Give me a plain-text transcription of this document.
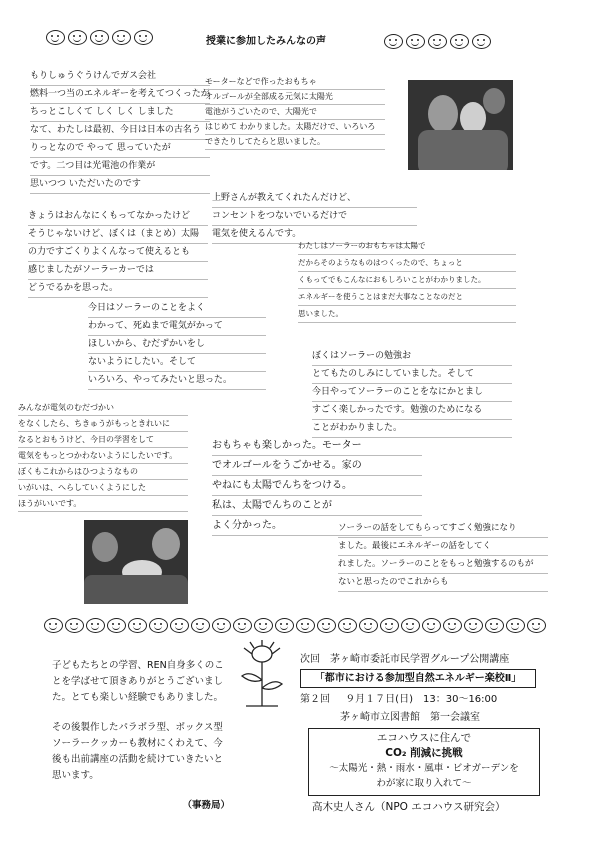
授業に参加したみんなの声
もりしゅうぐうけんでガス会社
燃料一つ当のエネルギーを考えてつくったが
ちっとこしくて しく しく しました
なて、わたしは最初、今日は日本の古名う
りっとなので やって 思っていたが
です。二つ目は光電池の作業が
思いつつ いただいたのです
モーターなどで作ったおもちゃ
オルゴールが全部成る元気に太陽光
電池がうごいたので、大陽光で
はじめて わかりました。太陽だけで、いろいろ
できたりしてたらと思いました。
上野さんが教えてくれたんだけど、
コンセントをつないでいるだけで
電気を使えるんです。
きょうはおんなにくもってなかったけど
そうじゃないけど、ぼくは（まとめ）太陽
の力ですごくりよくんなって使えるとも
感じましたがソーラーカーでは
どうでるかを思った。
わたしはソーラーのおもちゃは太陽で
だからそのようなものはつくったので、ちょっと
くもってでもこんなにおもしろいことがわかりました。
エネルギーを使うことはまだ大事なことなのだと
思いました。
今日はソーラーのことをよく
わかって、死ぬまで電気がかって
ほしいから、むだずかいをし
ないようにしたい。そして
いろいろ、やってみたいと思った。
ぼくはソーラーの勉強お
とてもたのしみにしていました。そして
今日やってソーラーのことをなにかとまし
すごく楽しかったです。勉強のためになる
ことがわかりました。
みんなが電気のむだづかい
をなくしたら、ちきゅうがもっときれいに
なるとおもうけど、今日の学習をして
電気をもっとつかわないようにしたいです。
ぼくもこれからはひつようなもの
いがいは、へらしていくようにした
ほうがいいです。
おもちゃも楽しかった。モーター
でオルゴールをうごかせる。家の
やねにも太陽でんちをつける。
私は、太陽でんちのことが
よく分かった。	ソーラーの話をしてもらってすごく勉強になり
ました。最後にエネルギーの話をしてく
れました。ソーラーのことをもっと勉強するのもが
ないと思ったのでこれからも

子どもたちとの学習、REN自身多くのことを学ばせて頂きありがとうございました。とても楽しい経験でもありました。

その後製作したパラボラ型、ボックス型ソーラークッカーも教材にくわえて、今後も出前講座の活動を続けていきたいと思います。

（事務局）
次回　茅ヶ崎市委託市民学習グループ公開講座
「都市における参加型自然エネルギー楽校Ⅱ」
第２回 ９月１７日(日)　13：30～16:00
茅ヶ崎市立図書館　第一会議室
エコハウスに住んで
CO₂ 削減に挑戦
～太陽光・熱・雨水・風車・ビオガーデンを
わが家に取り入れて～
高木史人さん（NPO エコハウス研究会）
